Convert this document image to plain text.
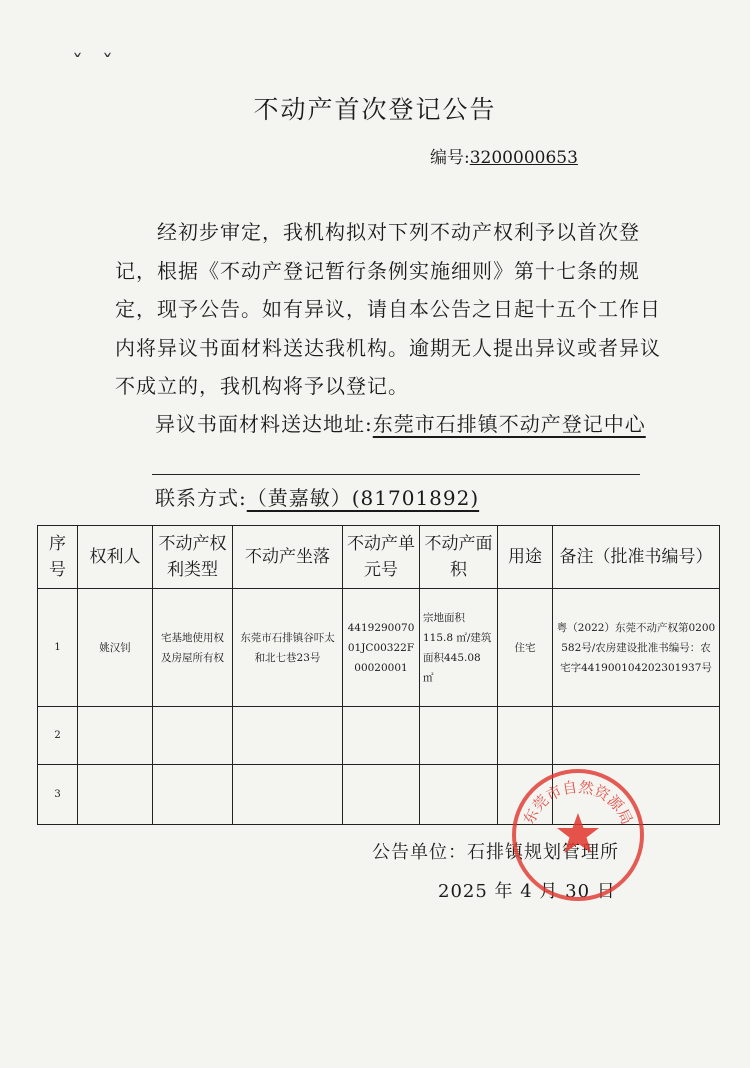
ˇ ˇ
不动产首次登记公告
编号:3200000653
经初步审定，我机构拟对下列不动产权利予以首次登记，根据《不动产登记暂行条例实施细则》第十七条的规定，现予公告。如有异议，请自本公告之日起十五个工作日内将异议书面材料送达我机构。逾期无人提出异议或者异议不成立的，我机构将予以登记。
异议书面材料送达地址:东莞市石排镇不动产登记中心
联系方式:（黄嘉敏）(81701892)
序号	权利人	不动产权利类型	不动产坐落	不动产单元号	不动产面积	用途	备注（批准书编号）
1	姚汉钊	宅基地使用权及房屋所有权	东莞市石排镇谷吓太和北七巷23号	441929007001JC00322F00020001	宗地面积115.8 ㎡/建筑面积445.08 ㎡	住宅	粤（2022）东莞不动产权第0200582号/农房建设批准书编号：农宅字441900104202301937号
2							
3							
公告单位：石排镇规划管理所
2025 年 4 月 30 日
东莞市自然资源局
